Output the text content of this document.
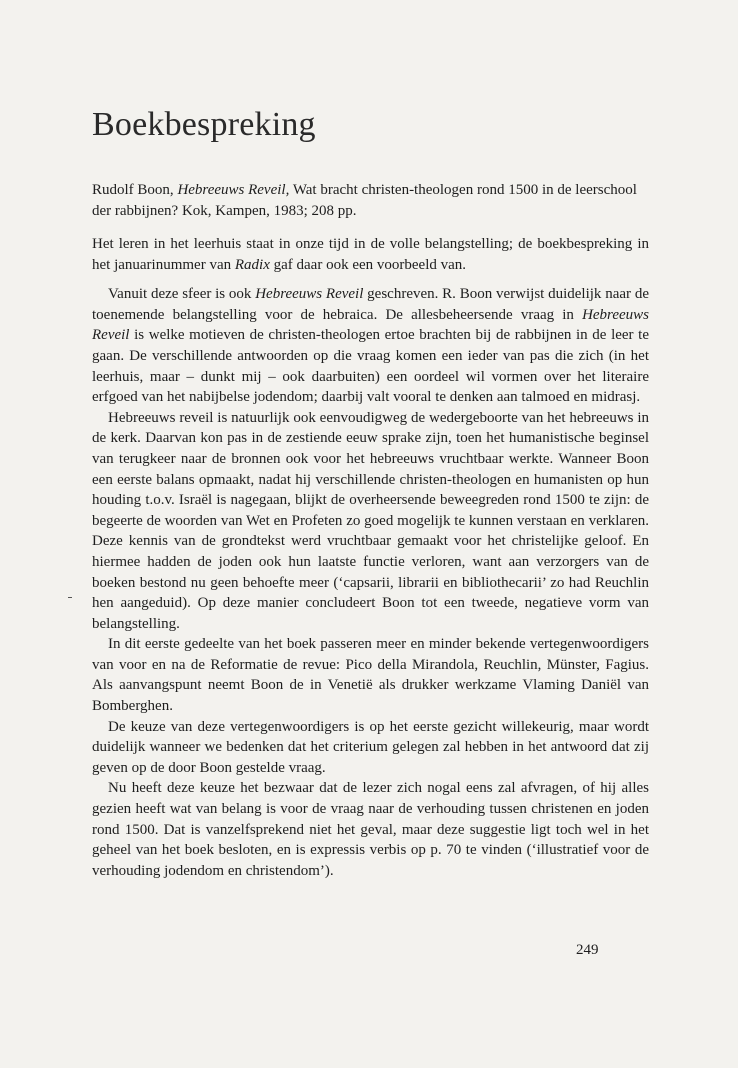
Boekbespreking

Rudolf Boon, Hebreeuws Reveil, Wat bracht christen-theologen rond 1500 in de leerschool der rabbijnen? Kok, Kampen, 1983; 208 pp.

Het leren in het leerhuis staat in onze tijd in de volle belangstelling; de boekbespreking in het januarinummer van Radix gaf daar ook een voorbeeld van.

Vanuit deze sfeer is ook Hebreeuws Reveil geschreven. R. Boon verwijst duidelijk naar de toenemende belangstelling voor de hebraica. De allesbeheersende vraag in Hebreeuws Reveil is welke motieven de christen-theologen ertoe brachten bij de rabbijnen in de leer te gaan. De verschillende antwoorden op die vraag komen een ieder van pas die zich (in het leerhuis, maar – dunkt mij – ook daarbuiten) een oordeel wil vormen over het literaire erfgoed van het nabijbelse jodendom; daarbij valt vooral te denken aan talmoed en midrasj.

Hebreeuws reveil is natuurlijk ook eenvoudigweg de wedergeboorte van het hebreeuws in de kerk. Daarvan kon pas in de zestiende eeuw sprake zijn, toen het humanistische beginsel van terugkeer naar de bronnen ook voor het hebreeuws vruchtbaar werkte. Wanneer Boon een eerste balans opmaakt, nadat hij verschillende christen-theologen en humanisten op hun houding t.o.v. Israël is nagegaan, blijkt de overheersende beweegreden rond 1500 te zijn: de begeerte de woorden van Wet en Profeten zo goed mogelijk te kunnen verstaan en verklaren. Deze kennis van de grondtekst werd vruchtbaar gemaakt voor het christelijke geloof. En hiermee hadden de joden ook hun laatste functie verloren, want aan verzorgers van de boeken bestond nu geen behoefte meer (‘capsarii, librarii en bibliothecarii’ zo had Reuchlin hen aangeduid). Op deze manier concludeert Boon tot een tweede, negatieve vorm van belangstelling.

In dit eerste gedeelte van het boek passeren meer en minder bekende vertegenwoordigers van voor en na de Reformatie de revue: Pico della Mirandola, Reuchlin, Münster, Fagius. Als aanvangspunt neemt Boon de in Venetië als drukker werkzame Vlaming Daniël van Bomberghen.

De keuze van deze vertegenwoordigers is op het eerste gezicht willekeurig, maar wordt duidelijk wanneer we bedenken dat het criterium gelegen zal hebben in het antwoord dat zij geven op de door Boon gestelde vraag.

Nu heeft deze keuze het bezwaar dat de lezer zich nogal eens zal afvragen, of hij alles gezien heeft wat van belang is voor de vraag naar de verhouding tussen christenen en joden rond 1500. Dat is vanzelfsprekend niet het geval, maar deze suggestie ligt toch wel in het geheel van het boek besloten, en is expressis verbis op p. 70 te vinden (‘illustratief voor de verhouding jodendom en christendom’).

249
